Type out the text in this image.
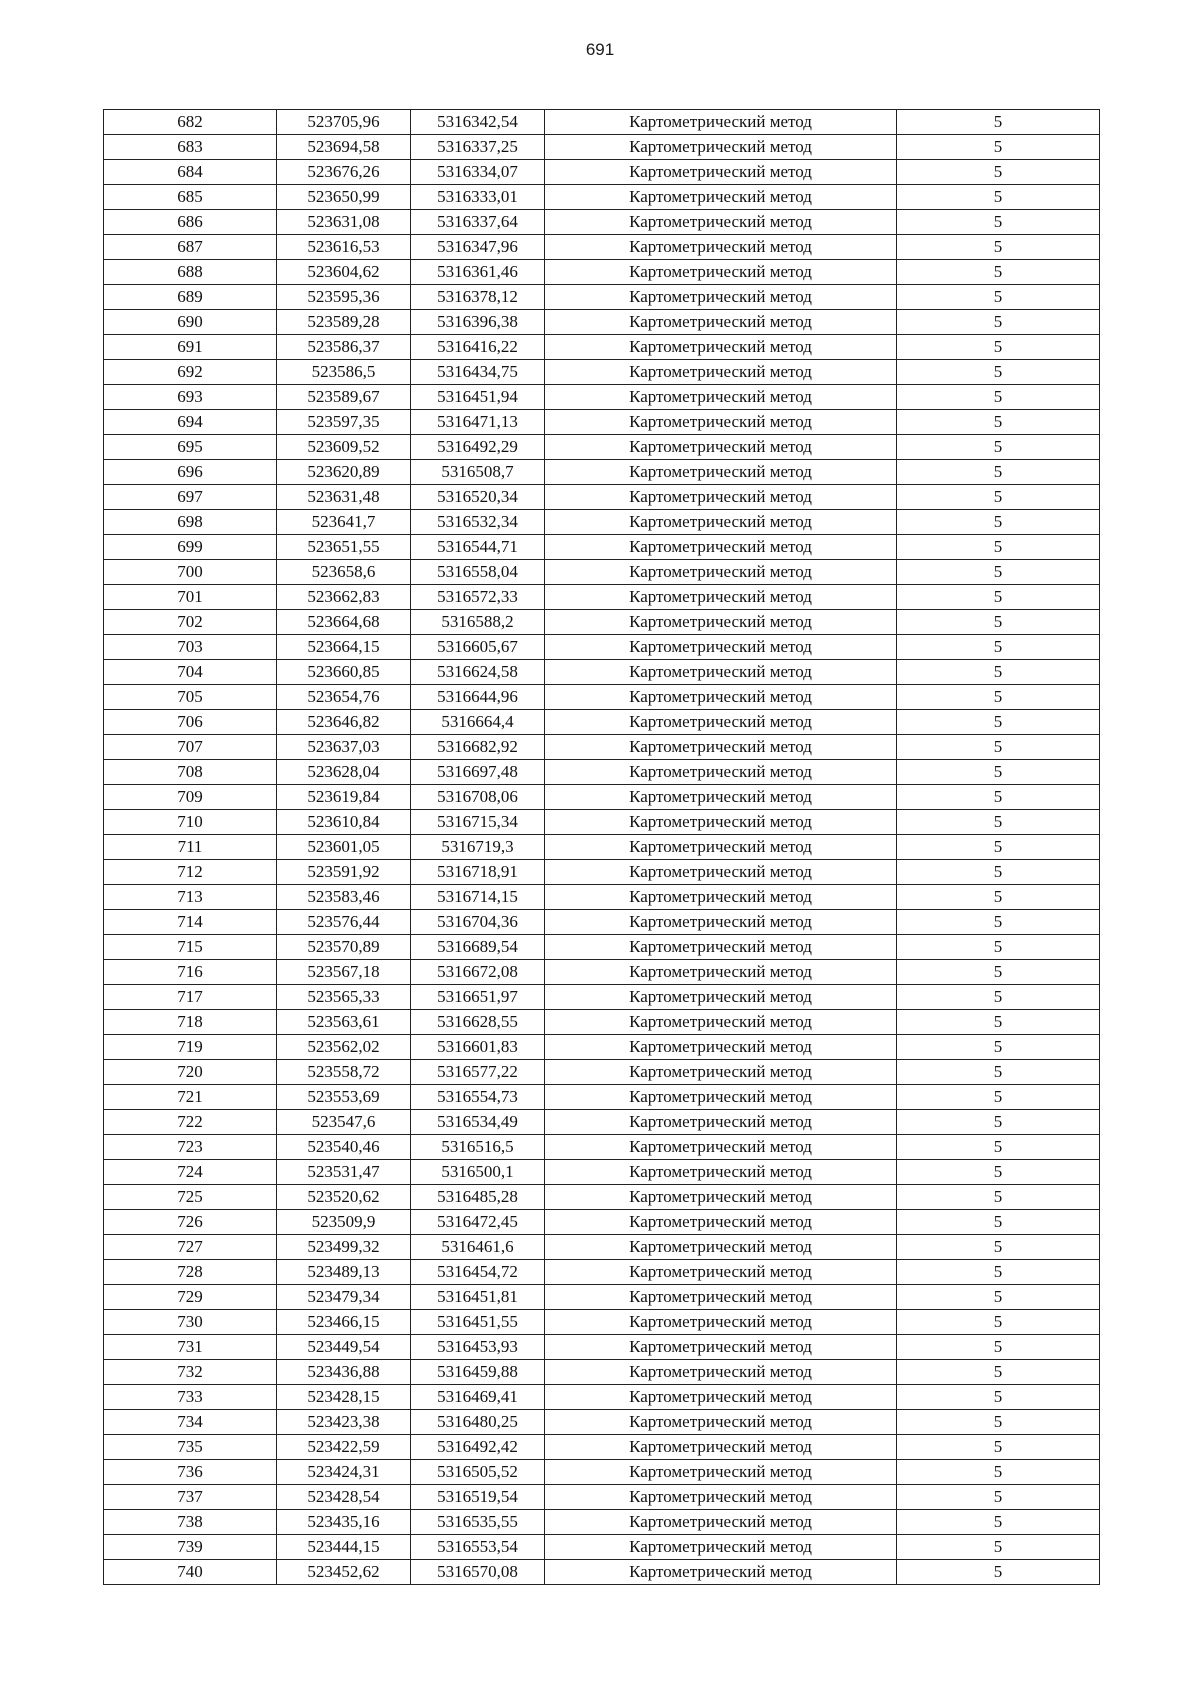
691
682	523705,96	5316342,54	Картометрический метод	5
683	523694,58	5316337,25	Картометрический метод	5
684	523676,26	5316334,07	Картометрический метод	5
685	523650,99	5316333,01	Картометрический метод	5
686	523631,08	5316337,64	Картометрический метод	5
687	523616,53	5316347,96	Картометрический метод	5
688	523604,62	5316361,46	Картометрический метод	5
689	523595,36	5316378,12	Картометрический метод	5
690	523589,28	5316396,38	Картометрический метод	5
691	523586,37	5316416,22	Картометрический метод	5
692	523586,5	5316434,75	Картометрический метод	5
693	523589,67	5316451,94	Картометрический метод	5
694	523597,35	5316471,13	Картометрический метод	5
695	523609,52	5316492,29	Картометрический метод	5
696	523620,89	5316508,7	Картометрический метод	5
697	523631,48	5316520,34	Картометрический метод	5
698	523641,7	5316532,34	Картометрический метод	5
699	523651,55	5316544,71	Картометрический метод	5
700	523658,6	5316558,04	Картометрический метод	5
701	523662,83	5316572,33	Картометрический метод	5
702	523664,68	5316588,2	Картометрический метод	5
703	523664,15	5316605,67	Картометрический метод	5
704	523660,85	5316624,58	Картометрический метод	5
705	523654,76	5316644,96	Картометрический метод	5
706	523646,82	5316664,4	Картометрический метод	5
707	523637,03	5316682,92	Картометрический метод	5
708	523628,04	5316697,48	Картометрический метод	5
709	523619,84	5316708,06	Картометрический метод	5
710	523610,84	5316715,34	Картометрический метод	5
711	523601,05	5316719,3	Картометрический метод	5
712	523591,92	5316718,91	Картометрический метод	5
713	523583,46	5316714,15	Картометрический метод	5
714	523576,44	5316704,36	Картометрический метод	5
715	523570,89	5316689,54	Картометрический метод	5
716	523567,18	5316672,08	Картометрический метод	5
717	523565,33	5316651,97	Картометрический метод	5
718	523563,61	5316628,55	Картометрический метод	5
719	523562,02	5316601,83	Картометрический метод	5
720	523558,72	5316577,22	Картометрический метод	5
721	523553,69	5316554,73	Картометрический метод	5
722	523547,6	5316534,49	Картометрический метод	5
723	523540,46	5316516,5	Картометрический метод	5
724	523531,47	5316500,1	Картометрический метод	5
725	523520,62	5316485,28	Картометрический метод	5
726	523509,9	5316472,45	Картометрический метод	5
727	523499,32	5316461,6	Картометрический метод	5
728	523489,13	5316454,72	Картометрический метод	5
729	523479,34	5316451,81	Картометрический метод	5
730	523466,15	5316451,55	Картометрический метод	5
731	523449,54	5316453,93	Картометрический метод	5
732	523436,88	5316459,88	Картометрический метод	5
733	523428,15	5316469,41	Картометрический метод	5
734	523423,38	5316480,25	Картометрический метод	5
735	523422,59	5316492,42	Картометрический метод	5
736	523424,31	5316505,52	Картометрический метод	5
737	523428,54	5316519,54	Картометрический метод	5
738	523435,16	5316535,55	Картометрический метод	5
739	523444,15	5316553,54	Картометрический метод	5
740	523452,62	5316570,08	Картометрический метод	5
